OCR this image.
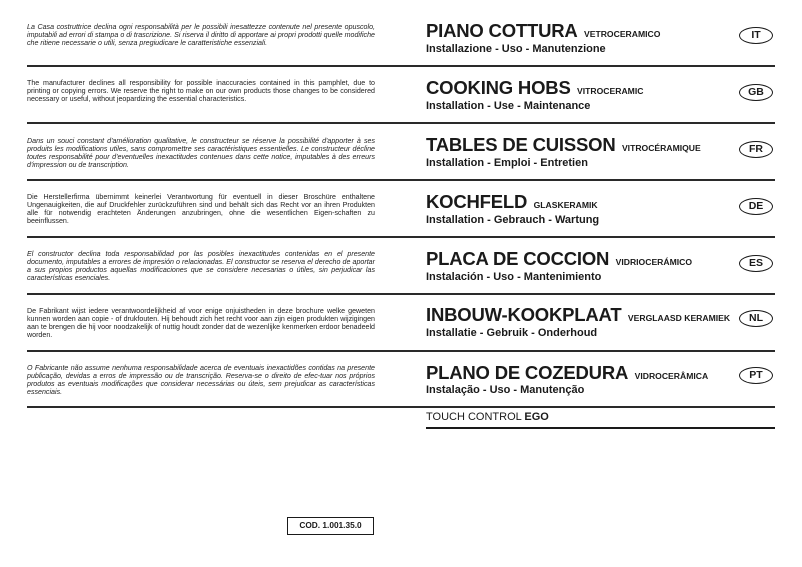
La Casa costruttrice declina ogni responsabilità per le possibili inesattezze contenute nel presente opuscolo, imputabili ad errori di stampa o di trascrizione. Si riserva il diritto di apportare ai propri prodotti quelle modifiche che ritiene necessarie o utili, senza pregiudicare le caratteristiche essenziali.
PIANO COTTURA VETROCERAMICO
Installazione - Uso - Manutenzione
IT
The manufacturer declines all responsibility for possible inaccuracies contained in this pamphlet, due to printing or copying errors. We reserve the right to make on our own products those changes to be considered necessary or useful, without jeopardizing the essential characteristics.
COOKING HOBS VITROCERAMIC
Installation - Use - Maintenance
GB
Dans un souci constant d'amélioration qualitative, le constructeur se réserve la possibilité d'apporter à ses produits les modifications utiles, sans compromettre ses caractéristiques essentielles. Le constructeur décline toutes responsabilité pour d'eventuelles inexactitudes contenues dans cette notice, imputables à des erreurs d'impression ou de transcription.
TABLES DE CUISSON VITROCÉRAMIQUE
Installation - Emploi - Entretien
FR
Die Herstellerfirma übernimmt keinerlei Verantwortung für eventuell in dieser Broschüre enthaltene Ungenauigkeiten, die auf Druckfehler zurückzuführen sind und behält sich das Recht vor an ihren Produkten alle für notwendig erachteten Änderungen anzubringen, ohne die wesentlichen Eigen-schaften zu beeinflussen.
KOCHFELD GLASKERAMIK
Installation - Gebrauch - Wartung
DE
El constructor declina toda responsabilidad por las posibles inexactitudes contenidas en el presente documento, imputables a errores de impresión o relacionadas. El constructor se reserva el derecho de aportar a sus propios productos aquellas modificaciones que se considere necesarias o útiles, sin perjudicar las características esenciales.
PLACA DE COCCION VIDRIOCERÁMICO
Instalación - Uso - Mantenimiento
ES
De Fabrikant wijst iedere verantwoordelijkheid af voor enige onjuistheden in deze brochure welke geweten kunnen worden aan copie - of drukfouten. Hij behoudt zich het recht voor aan zijn eigen produkten wijzigingen aan te brengen die hij voor noodzakelijk of nuttig houdt zonder dat de wezenlijke kenmerken erdoor benadeeld worden.
INBOUW-KOOKPLAAT VERGLAASD KERAMIEK
Installatie - Gebruik - Onderhoud
NL
O Fabricante não assume nenhuma responsabilidade acerca de eventuais inexactidões contidas na presente publicação, devidas a erros de impressão ou de transcrição. Reserva-se o direito de efec-tuar nos próprios produtos as eventuais modificações que considerar necessárias ou úteis, sem prejudicar as características essenciais.
PLANO DE COZEDURA VIDROCERÂMICA
Instalação - Uso - Manutenção
PT
TOUCH CONTROL EGO
COD. 1.001.35.0
